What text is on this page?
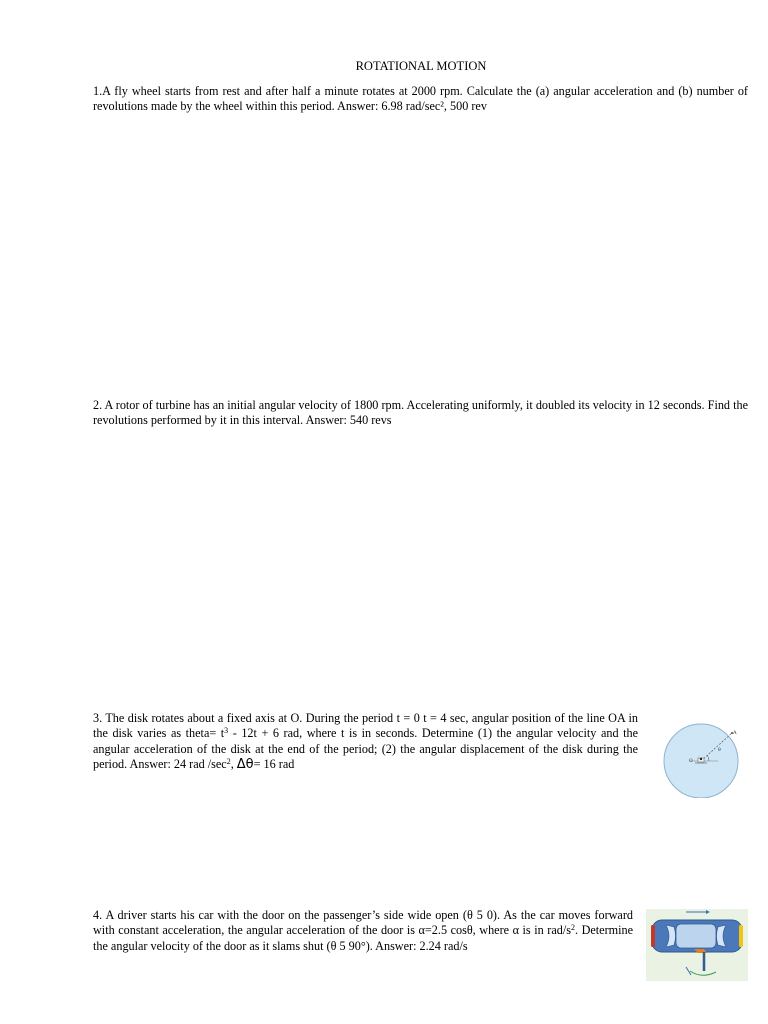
ROTATIONAL MOTION
1.A fly wheel starts from rest and after half a minute rotates at 2000 rpm. Calculate the (a) angular acceleration and (b) number of revolutions made by the wheel within this period. Answer: 6.98 rad/sec², 500 rev
2. A rotor of turbine has an initial angular velocity of 1800 rpm. Accelerating uniformly, it doubled its velocity in 12 seconds. Find the revolutions performed by it in this interval. Answer: 540 revs
3. The disk rotates about a fixed axis at O. During the period t = 0 t = 4 sec, angular position of the line OA in the disk varies as theta= $t^3 - 12t + 6$ rad, where t is in seconds. Determine (1) the angular velocity and the angular acceleration of the disk at the end of the period; (2) the angular displacement of the disk during the period. Answer: 24 rad $/\sec^2$, Δθ= 16 rad
A
θ
O
4. A driver starts his car with the door on the passenger’s side wide open (θ 5 0). As the car moves forward with constant acceleration, the angular acceleration of the door is α=2.5 cosθ, where α is in rad/$s^2$. Determine the angular velocity of the door as it slams shut (θ 5 90°). Answer: 2.24 rad/s
